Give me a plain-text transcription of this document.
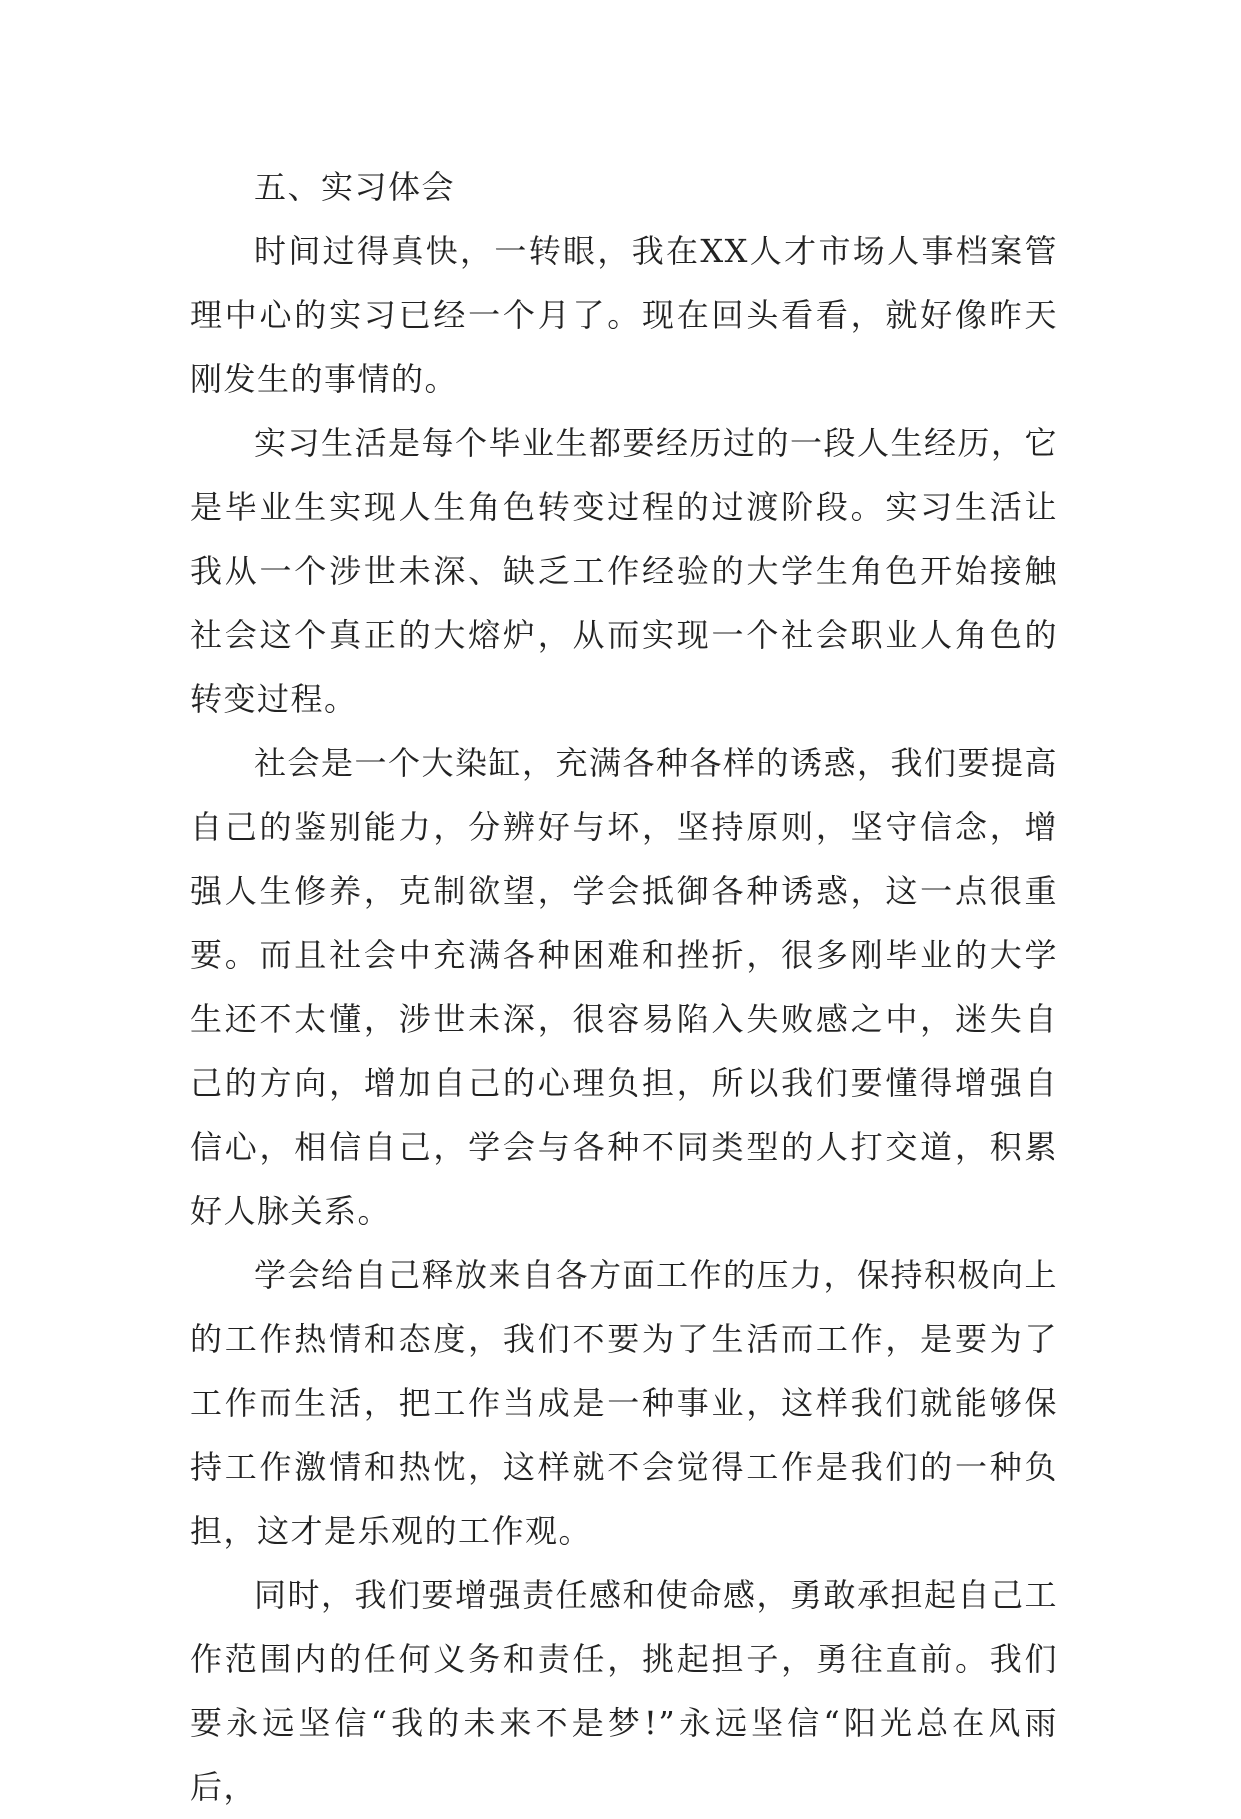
五、实习体会

时间过得真快，一转眼，我在XX人才市场人事档案管理中心的实习已经一个月了。现在回头看看，就好像昨天刚发生的事情的。

实习生活是每个毕业生都要经历过的一段人生经历，它是毕业生实现人生角色转变过程的过渡阶段。实习生活让我从一个涉世未深、缺乏工作经验的大学生角色开始接触社会这个真正的大熔炉，从而实现一个社会职业人角色的转变过程。

社会是一个大染缸，充满各种各样的诱惑，我们要提高自己的鉴别能力，分辨好与坏，坚持原则，坚守信念，增强人生修养，克制欲望，学会抵御各种诱惑，这一点很重要。而且社会中充满各种困难和挫折，很多刚毕业的大学生还不太懂，涉世未深，很容易陷入失败感之中，迷失自己的方向，增加自己的心理负担，所以我们要懂得增强自信心，相信自己，学会与各种不同类型的人打交道，积累好人脉关系。

学会给自己释放来自各方面工作的压力，保持积极向上的工作热情和态度，我们不要为了生活而工作，是要为了工作而生活，把工作当成是一种事业，这样我们就能够保持工作激情和热忱，这样就不会觉得工作是我们的一种负担，这才是乐观的工作观。

同时，我们要增强责任感和使命感，勇敢承担起自己工作范围内的任何义务和责任，挑起担子，勇往直前。我们要永远坚信“我的未来不是梦!”永远坚信“阳光总在风雨后，
